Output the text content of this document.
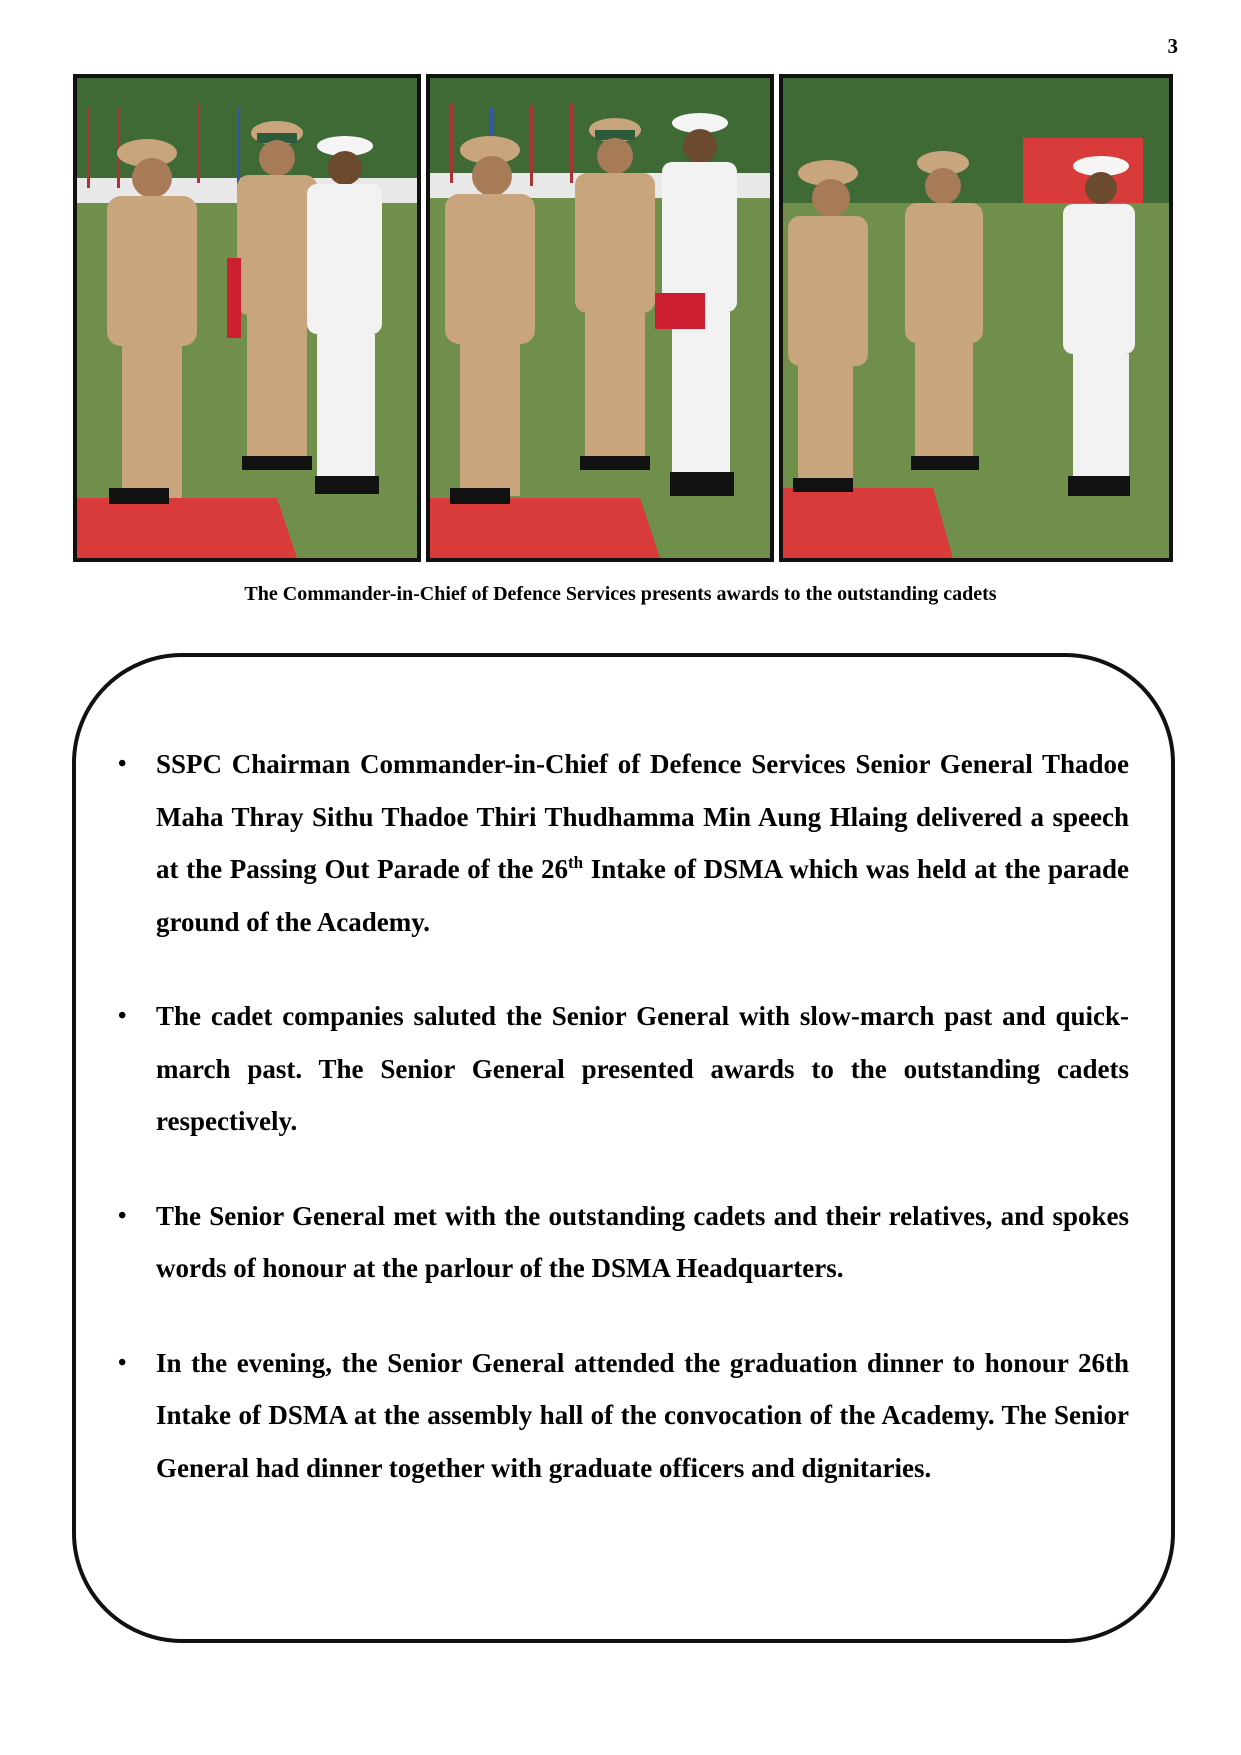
3
The Commander-in-Chief of Defence Services presents awards to the outstanding cadets
• SSPC Chairman Commander-in-Chief of Defence Services Senior General Thadoe Maha Thray Sithu Thadoe Thiri Thudhamma Min Aung Hlaing delivered a speech at the Passing Out Parade of the 26th Intake of DSMA which was held at the parade ground of the Academy.
• The cadet companies saluted the Senior General with slow-march past and quick-march past. The Senior General presented awards to the outstanding cadets respectively.
• The Senior General met with the outstanding cadets and their relatives, and spokes words of honour at the parlour of the DSMA Headquarters.
• In the evening, the Senior General attended the graduation dinner to honour 26th Intake of DSMA at the assembly hall of the convocation of the Academy. The Senior General had dinner together with graduate officers and dignitaries.
